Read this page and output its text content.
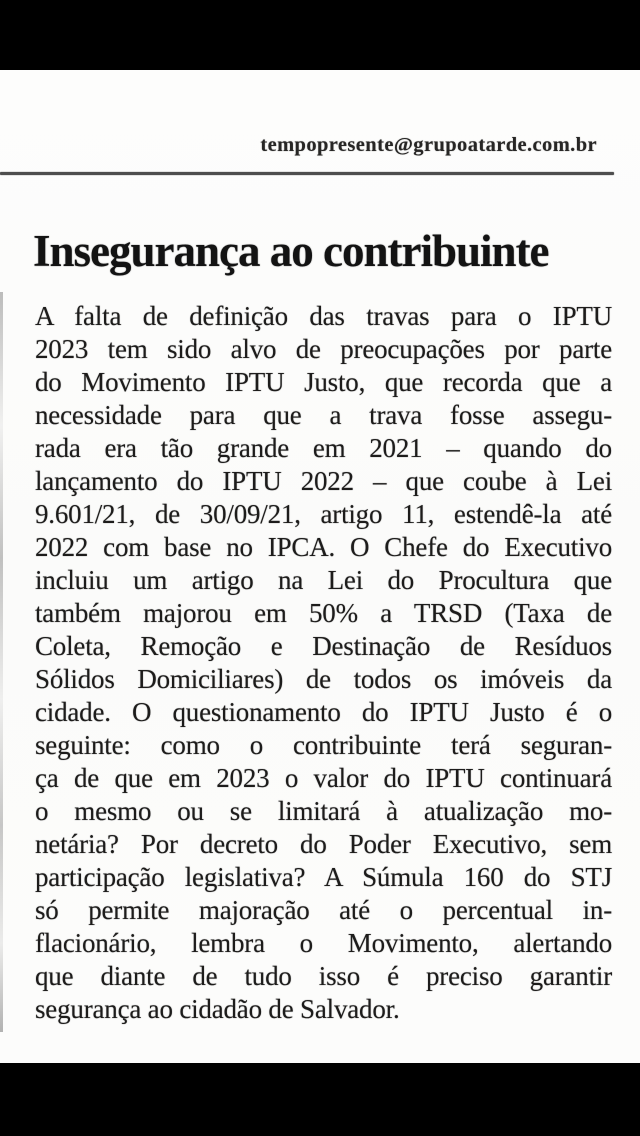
tempopresente@grupoatarde.com.br
Insegurança ao contribuinte
A falta de definição das travas para o IPTU
2023 tem sido alvo de preocupações por parte
do Movimento IPTU Justo, que recorda que a
necessidade para que a trava fosse assegu-
rada era tão grande em 2021 – quando do
lançamento do IPTU 2022 – que coube à Lei
9.601/21, de 30/09/21, artigo 11, estendê-la até
2022 com base no IPCA. O Chefe do Executivo
incluiu um artigo na Lei do Procultura que
também majorou em 50% a TRSD (Taxa de
Coleta, Remoção e Destinação de Resíduos
Sólidos Domiciliares) de todos os imóveis da
cidade. O questionamento do IPTU Justo é o
seguinte: como o contribuinte terá seguran-
ça de que em 2023 o valor do IPTU continuará
o mesmo ou se limitará à atualização mo-
netária? Por decreto do Poder Executivo, sem
participação legislativa? A Súmula 160 do STJ
só permite majoração até o percentual in-
flacionário, lembra o Movimento, alertando
que diante de tudo isso é preciso garantir
segurança ao cidadão de Salvador.
